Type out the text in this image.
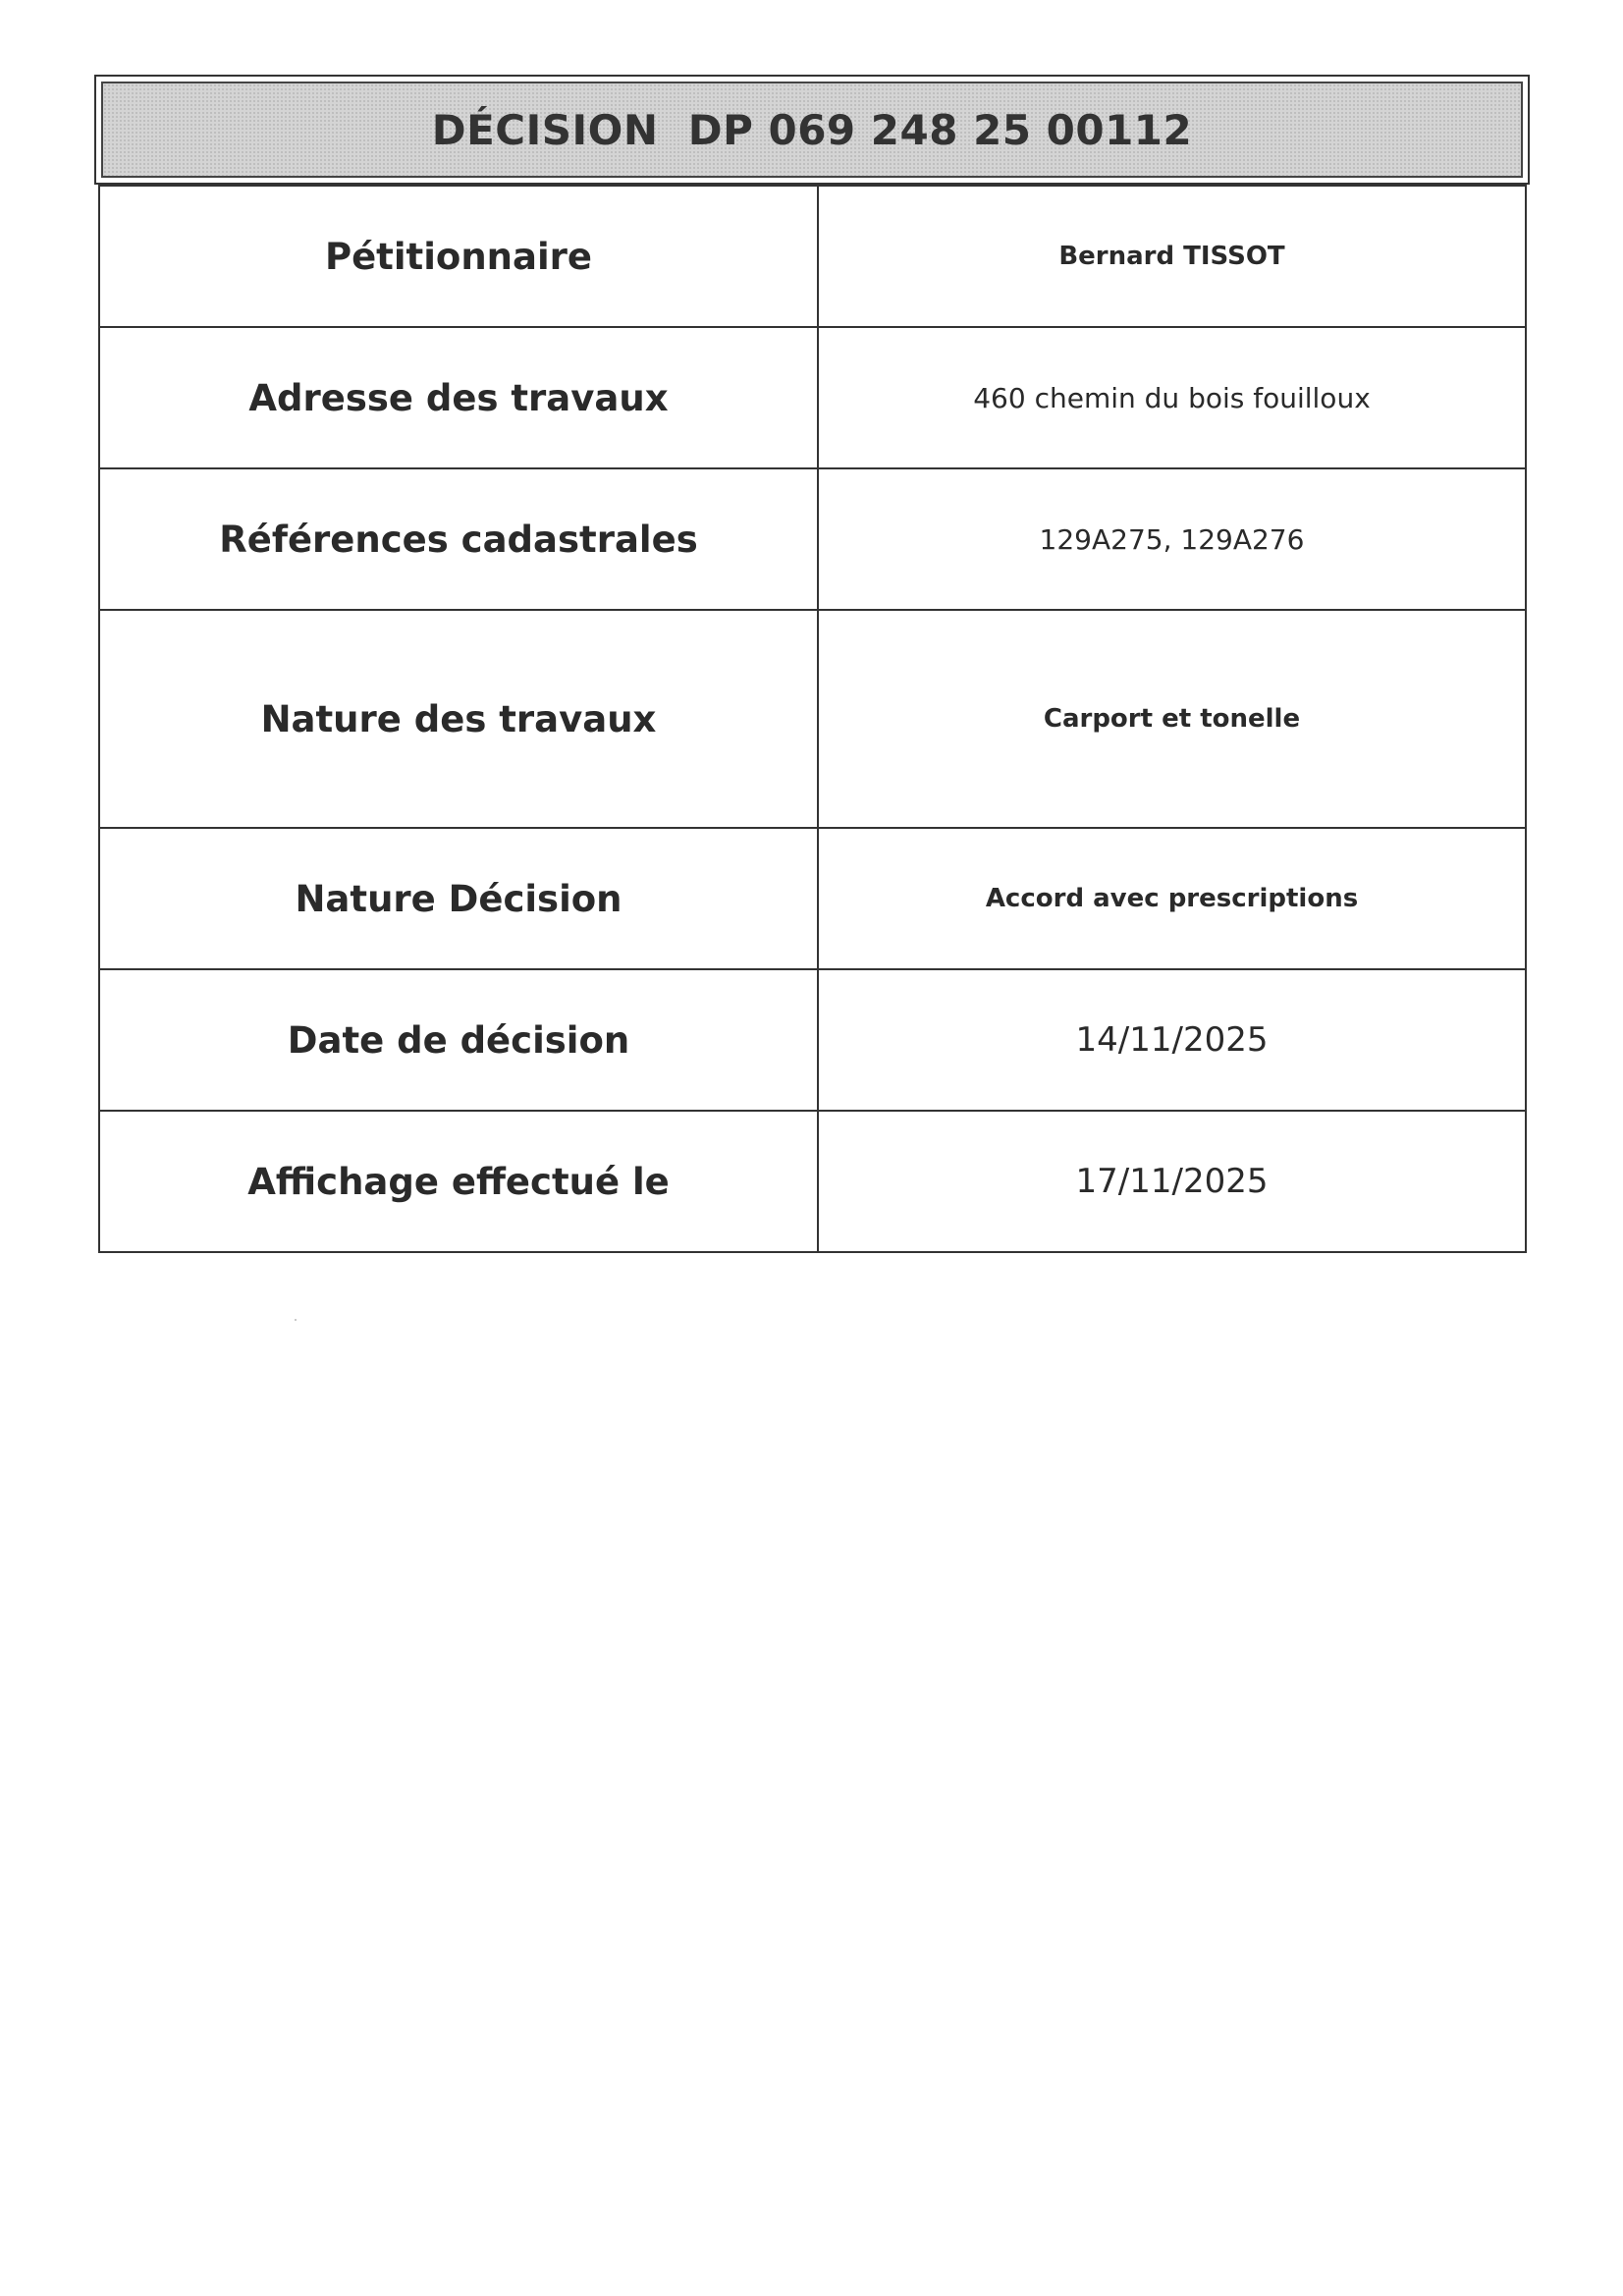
DÉCISION  DP 069 248 25 00112
Pétitionnaire	Bernard TISSOT
Adresse des travaux	460 chemin du bois fouilloux
Références cadastrales	129A275, 129A276
Nature des travaux	Carport et tonelle
Nature Décision	Accord avec prescriptions
Date de décision	14/11/2025
Affichage effectué le	17/11/2025
